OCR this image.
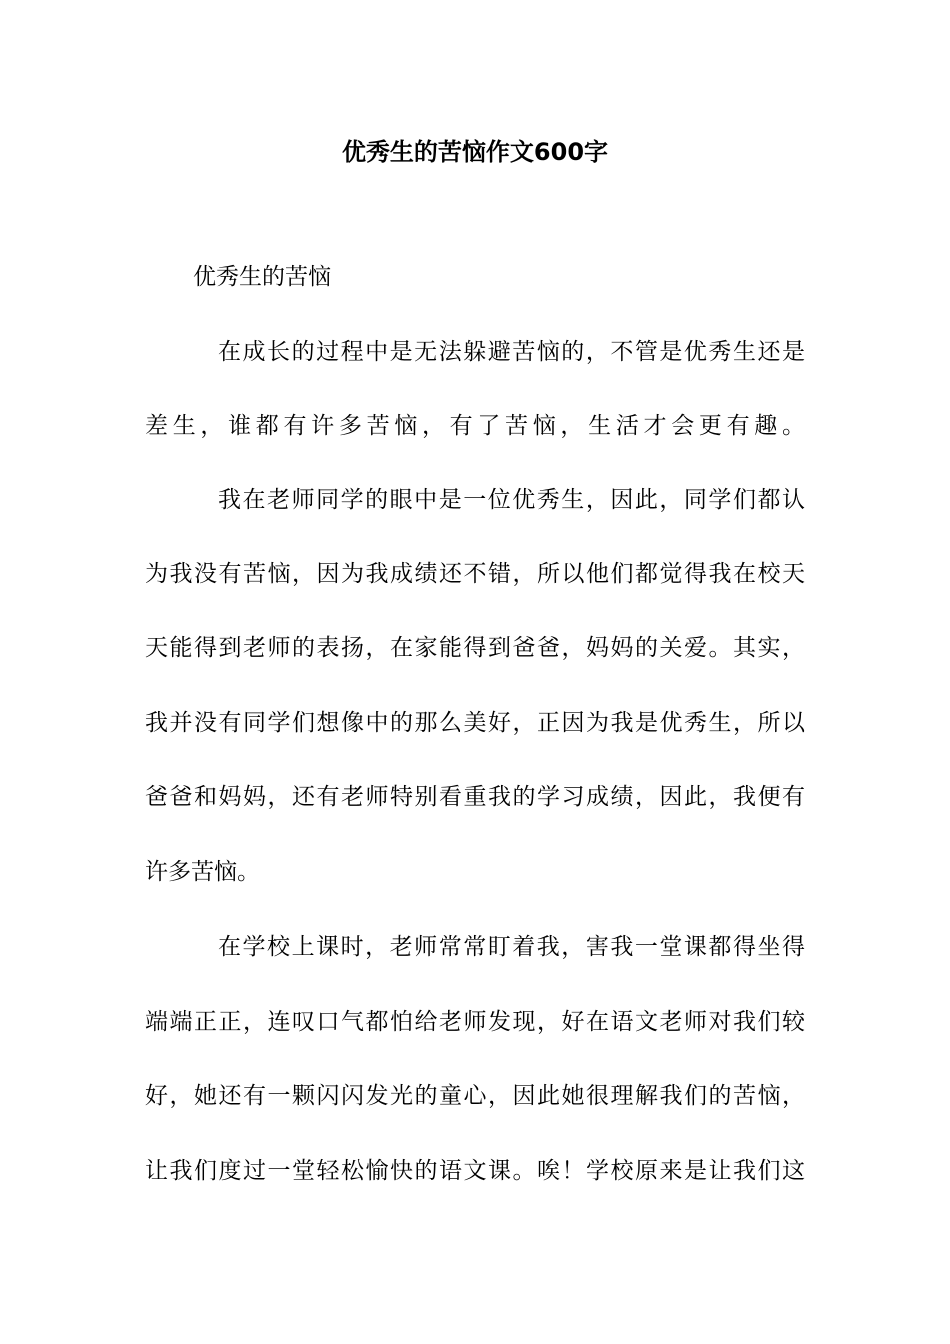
优秀生的苦恼作文600字

优秀生的苦恼

在成长的过程中是无法躲避苦恼的，不管是优秀生还是

差生，谁都有许多苦恼，有了苦恼，生活才会更有趣。

我在老师同学的眼中是一位优秀生，因此，同学们都认

为我没有苦恼，因为我成绩还不错，所以他们都觉得我在校天

天能得到老师的表扬，在家能得到爸爸，妈妈的关爱。其实，

我并没有同学们想像中的那么美好，正因为我是优秀生，所以

爸爸和妈妈，还有老师特别看重我的学习成绩，因此，我便有

许多苦恼。

在学校上课时，老师常常盯着我，害我一堂课都得坐得

端端正正，连叹口气都怕给老师发现，好在语文老师对我们较

好，她还有一颗闪闪发光的童心，因此她很理解我们的苦恼，

让我们度过一堂轻松愉快的语文课。唉！学校原来是让我们这
